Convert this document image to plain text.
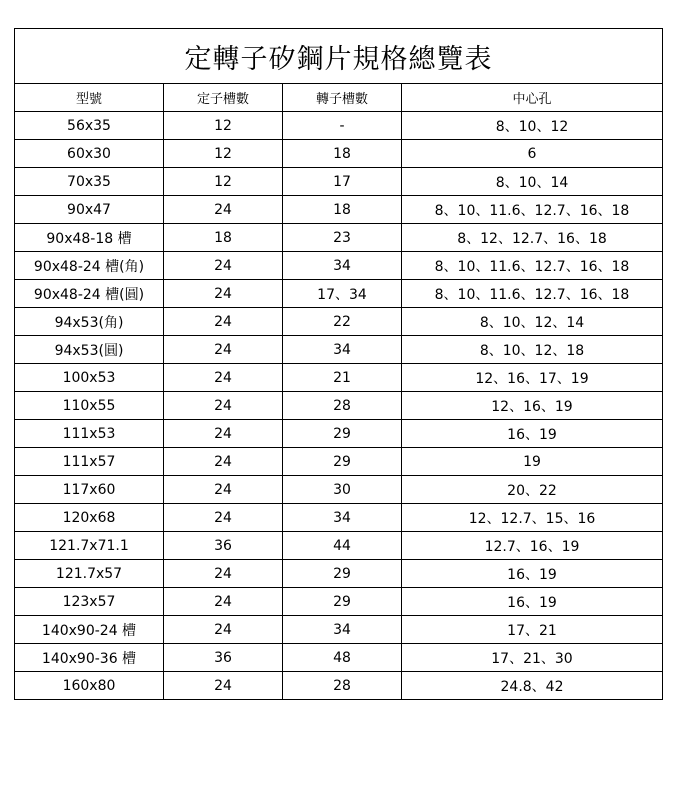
定轉子矽鋼片規格總覽表			
型號	定子槽數	轉子槽數	中心孔
56x35	12	-	8、10、12
60x30	12	18	6
70x35	12	17	8、10、14
90x47	24	18	8、10、11.6、12.7、16、18
90x48-18 槽	18	23	8、12、12.7、16、18
90x48-24 槽(角)	24	34	8、10、11.6、12.7、16、18
90x48-24 槽(圓)	24	17、34	8、10、11.6、12.7、16、18
94x53(角)	24	22	8、10、12、14
94x53(圓)	24	34	8、10、12、18
100x53	24	21	12、16、17、19
110x55	24	28	12、16、19
111x53	24	29	16、19
111x57	24	29	19
117x60	24	30	20、22
120x68	24	34	12、12.7、15、16
121.7x71.1	36	44	12.7、16、19
121.7x57	24	29	16、19
123x57	24	29	16、19
140x90-24 槽	24	34	17、21
140x90-36 槽	36	48	17、21、30
160x80	24	28	24.8、42
